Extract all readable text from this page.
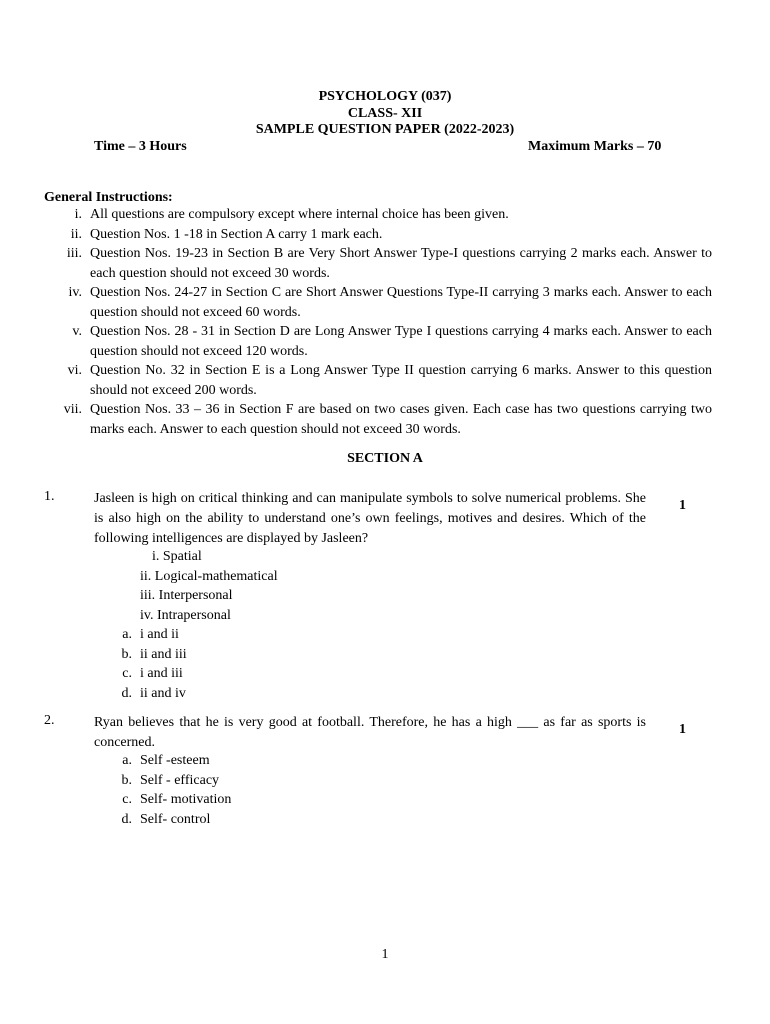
PSYCHOLOGY (037)
CLASS- XII
SAMPLE QUESTION PAPER (2022-2023)
Time – 3 Hours	Maximum Marks – 70
General Instructions:
i. All questions are compulsory except where internal choice has been given.
ii. Question Nos. 1 -18 in Section A carry 1 mark each.
iii. Question Nos. 19-23 in Section B are Very Short Answer Type-I questions carrying 2 marks each. Answer to each question should not exceed 30 words.
iv. Question Nos. 24-27 in Section C are Short Answer Questions Type-II carrying 3 marks each. Answer to each question should not exceed 60 words.
v. Question Nos. 28 - 31 in Section D are Long Answer Type I questions carrying 4 marks each. Answer to each question should not exceed 120 words.
vi. Question No. 32 in Section E is a Long Answer Type II question carrying 6 marks. Answer to this question should not exceed 200 words.
vii. Question Nos. 33 – 36 in Section F are based on two cases given. Each case has two questions carrying two marks each. Answer to each question should not exceed 30 words.
SECTION A
1.	Jasleen is high on critical thinking and can manipulate symbols to solve numerical problems. She is also high on the ability to understand one’s own feelings, motives and desires. Which of the following intelligences are displayed by Jasleen?
1
i. Spatial
ii. Logical-mathematical
iii. Interpersonal
iv. Intrapersonal
a. i and ii
b. ii and iii
c. i and iii
d. ii and iv
2.	Ryan believes that he is very good at football. Therefore, he has a high ___ as far as sports is concerned.
1
a. Self -esteem
b. Self - efficacy
c. Self- motivation
d. Self- control
1
